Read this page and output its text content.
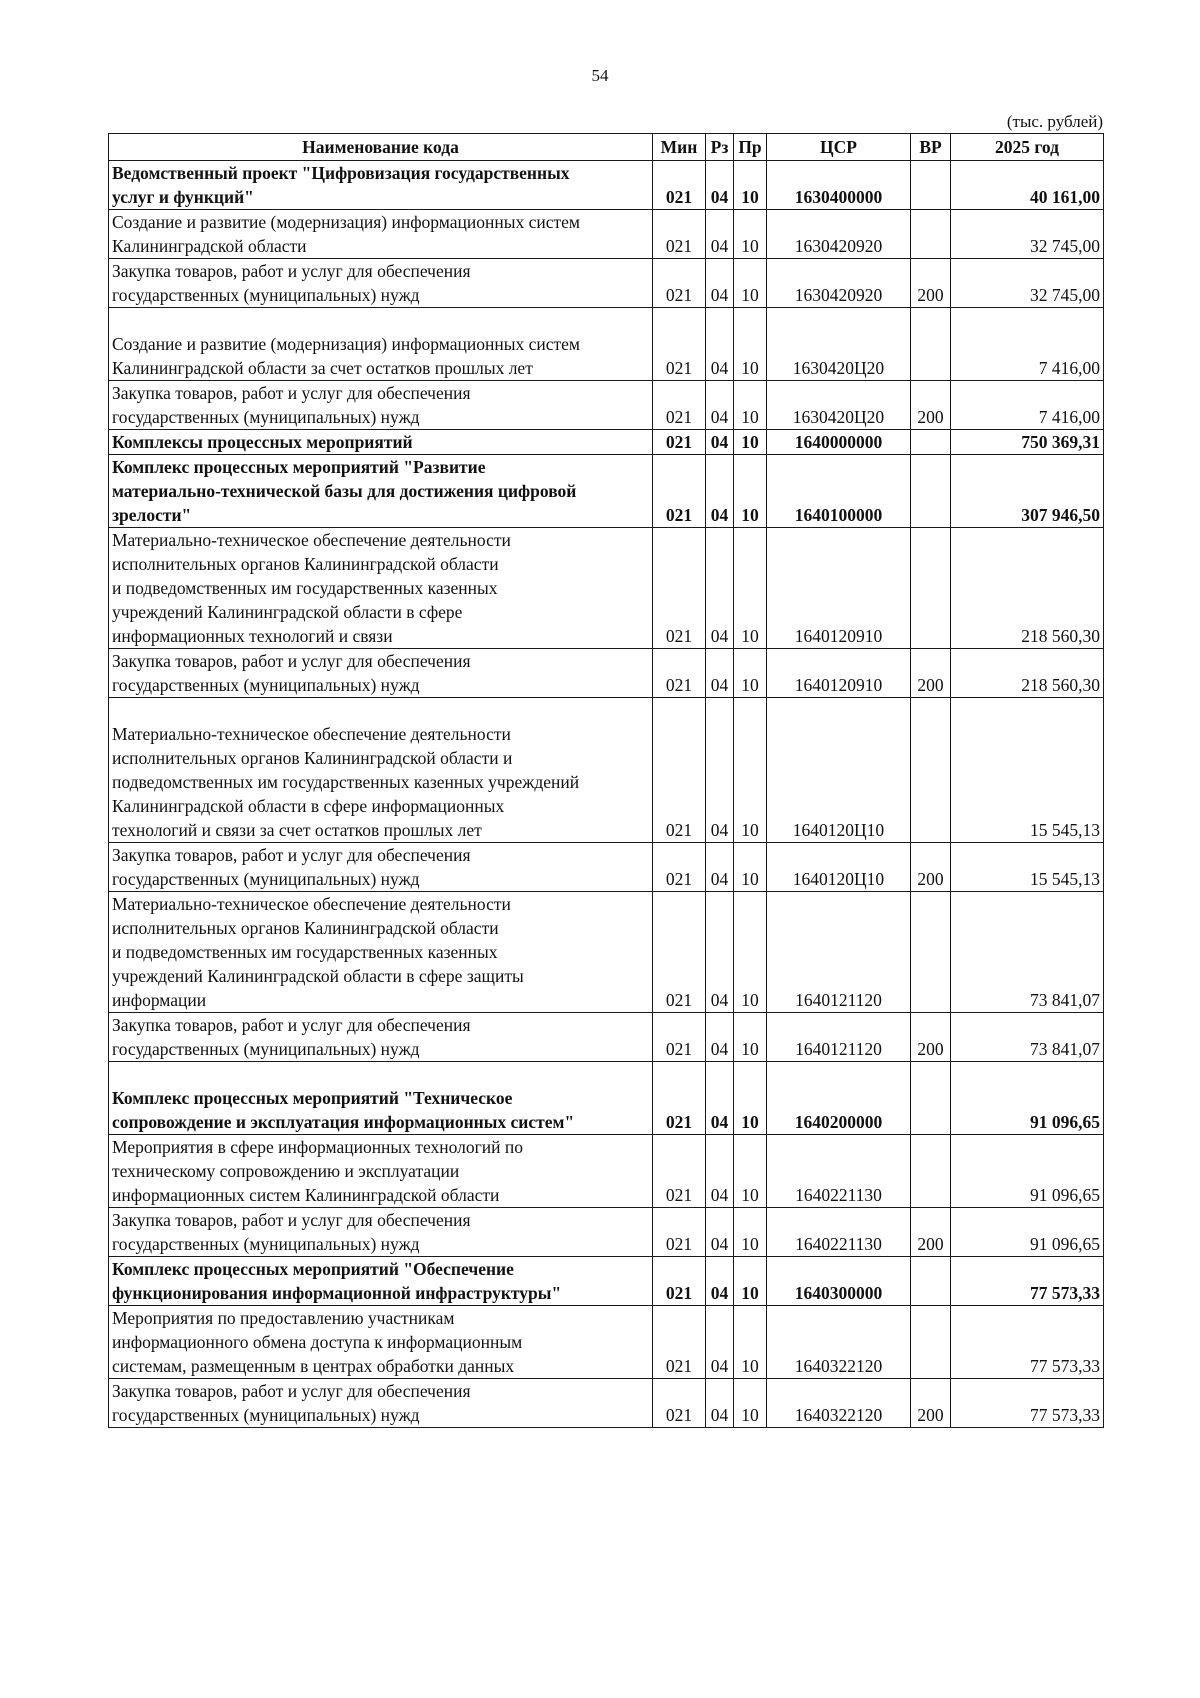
54
(тыс. рублей)
Наименование кода	Мин	Рз	Пр	ЦСР	ВР	2025 год
Ведомственный проект "Цифровизация государственных
услуг и функций"	021	04	10	1630400000		40 161,00
Создание и развитие (модернизация) информационных систем
Калининградской области	021	04	10	1630420920		32 745,00
Закупка товаров, работ и услуг для обеспечения
государственных (муниципальных) нужд	021	04	10	1630420920	200	32 745,00

Создание и развитие (модернизация) информационных систем
Калининградской области за счет остатков прошлых лет	021	04	10	1630420Ц20		7 416,00
Закупка товаров, работ и услуг для обеспечения
государственных (муниципальных) нужд	021	04	10	1630420Ц20	200	7 416,00
Комплексы процессных мероприятий	021	04	10	1640000000		750 369,31
Комплекс процессных мероприятий "Развитие
материально-технической базы для достижения цифровой
зрелости"	021	04	10	1640100000		307 946,50
Материально-техническое обеспечение деятельности
исполнительных органов Калининградской области
и подведомственных им государственных казенных
учреждений Калининградской области в сфере
информационных технологий и связи	021	04	10	1640120910		218 560,30
Закупка товаров, работ и услуг для обеспечения
государственных (муниципальных) нужд	021	04	10	1640120910	200	218 560,30

Материально-техническое обеспечение деятельности
исполнительных органов Калининградской области и
подведомственных им государственных казенных учреждений
Калининградской области в сфере информационных
технологий и связи за счет остатков прошлых лет	021	04	10	1640120Ц10		15 545,13
Закупка товаров, работ и услуг для обеспечения
государственных (муниципальных) нужд	021	04	10	1640120Ц10	200	15 545,13
Материально-техническое обеспечение деятельности
исполнительных органов Калининградской области
и подведомственных им государственных казенных
учреждений Калининградской области в сфере защиты
информации	021	04	10	1640121120		73 841,07
Закупка товаров, работ и услуг для обеспечения
государственных (муниципальных) нужд	021	04	10	1640121120	200	73 841,07

Комплекс процессных мероприятий "Техническое
сопровождение и эксплуатация информационных систем"	021	04	10	1640200000		91 096,65
Мероприятия в сфере информационных технологий по
техническому сопровождению и эксплуатации
информационных систем Калининградской области	021	04	10	1640221130		91 096,65
Закупка товаров, работ и услуг для обеспечения
государственных (муниципальных) нужд	021	04	10	1640221130	200	91 096,65
Комплекс процессных мероприятий "Обеспечение
функционирования информационной инфраструктуры"	021	04	10	1640300000		77 573,33
Мероприятия по предоставлению участникам
информационного обмена доступа к информационным
системам, размещенным в центрах обработки данных	021	04	10	1640322120		77 573,33
Закупка товаров, работ и услуг для обеспечения
государственных (муниципальных) нужд	021	04	10	1640322120	200	77 573,33
